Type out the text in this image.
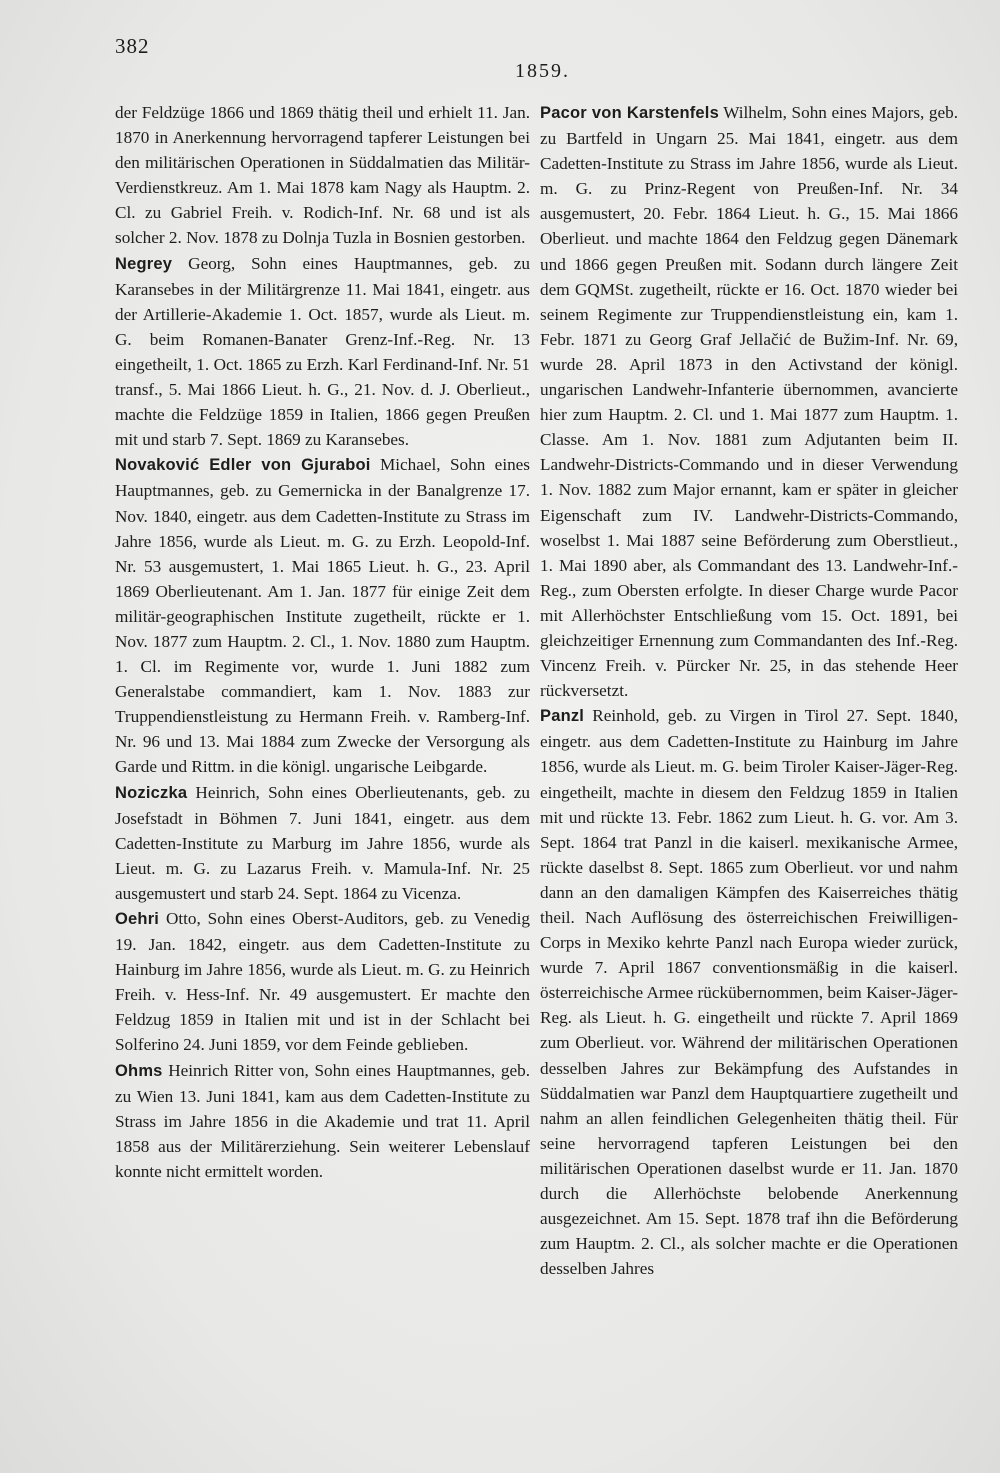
382

1859.

der Feldzüge 1866 und 1869 thätig theil und erhielt 11. Jan. 1870 in Anerkennung hervorragend tapferer Leistungen bei den militärischen Operationen in Süddalmatien das Militär-Verdienstkreuz. Am 1. Mai 1878 kam Nagy als Hauptm. 2. Cl. zu Gabriel Freih. v. Rodich-Inf. Nr. 68 und ist als solcher 2. Nov. 1878 zu Dolnja Tuzla in Bosnien gestorben.

Negrey Georg, Sohn eines Hauptmannes, geb. zu Karansebes in der Militärgrenze 11. Mai 1841, eingetr. aus der Artillerie-Akademie 1. Oct. 1857, wurde als Lieut. m. G. beim Romanen-Banater Grenz-Inf.-Reg. Nr. 13 eingetheilt, 1. Oct. 1865 zu Erzh. Karl Ferdinand-Inf. Nr. 51 transf., 5. Mai 1866 Lieut. h. G., 21. Nov. d. J. Oberlieut., machte die Feldzüge 1859 in Italien, 1866 gegen Preußen mit und starb 7. Sept. 1869 zu Karansebes.

Novaković Edler von Gjuraboi Michael, Sohn eines Hauptmannes, geb. zu Gemernicka in der Banalgrenze 17. Nov. 1840, eingetr. aus dem Cadetten-Institute zu Strass im Jahre 1856, wurde als Lieut. m. G. zu Erzh. Leopold-Inf. Nr. 53 ausgemustert, 1. Mai 1865 Lieut. h. G., 23. April 1869 Oberlieutenant. Am 1. Jan. 1877 für einige Zeit dem militär-geographischen Institute zugetheilt, rückte er 1. Nov. 1877 zum Hauptm. 2. Cl., 1. Nov. 1880 zum Hauptm. 1. Cl. im Regimente vor, wurde 1. Juni 1882 zum Generalstabe commandiert, kam 1. Nov. 1883 zur Truppendienstleistung zu Hermann Freih. v. Ramberg-Inf. Nr. 96 und 13. Mai 1884 zum Zwecke der Versorgung als Garde und Rittm. in die königl. ungarische Leibgarde.

Noziczka Heinrich, Sohn eines Oberlieutenants, geb. zu Josefstadt in Böhmen 7. Juni 1841, eingetr. aus dem Cadetten-Institute zu Marburg im Jahre 1856, wurde als Lieut. m. G. zu Lazarus Freih. v. Mamula-Inf. Nr. 25 ausgemustert und starb 24. Sept. 1864 zu Vicenza.

Oehri Otto, Sohn eines Oberst-Auditors, geb. zu Venedig 19. Jan. 1842, eingetr. aus dem Cadetten-Institute zu Hainburg im Jahre 1856, wurde als Lieut. m. G. zu Heinrich Freih. v. Hess-Inf. Nr. 49 ausgemustert. Er machte den Feldzug 1859 in Italien mit und ist in der Schlacht bei Solferino 24. Juni 1859, vor dem Feinde geblieben.

Ohms Heinrich Ritter von, Sohn eines Hauptmannes, geb. zu Wien 13. Juni 1841, kam aus dem Cadetten-Institute zu Strass im Jahre 1856 in die Akademie und trat 11. April 1858 aus der Militärerziehung. Sein weiterer Lebenslauf konnte nicht ermittelt worden.

Pacor von Karstenfels Wilhelm, Sohn eines Majors, geb. zu Bartfeld in Ungarn 25. Mai 1841, eingetr. aus dem Cadetten-Institute zu Strass im Jahre 1856, wurde als Lieut. m. G. zu Prinz-Regent von Preußen-Inf. Nr. 34 ausgemustert, 20. Febr. 1864 Lieut. h. G., 15. Mai 1866 Oberlieut. und machte 1864 den Feldzug gegen Dänemark und 1866 gegen Preußen mit. Sodann durch längere Zeit dem GQMSt. zugetheilt, rückte er 16. Oct. 1870 wieder bei seinem Regimente zur Truppendienstleistung ein, kam 1. Febr. 1871 zu Georg Graf Jellačić de Bužim-Inf. Nr. 69, wurde 28. April 1873 in den Activstand der königl. ungarischen Landwehr-Infanterie übernommen, avancierte hier zum Hauptm. 2. Cl. und 1. Mai 1877 zum Hauptm. 1. Classe. Am 1. Nov. 1881 zum Adjutanten beim II. Landwehr-Districts-Commando und in dieser Verwendung 1. Nov. 1882 zum Major ernannt, kam er später in gleicher Eigenschaft zum IV. Landwehr-Districts-Commando, woselbst 1. Mai 1887 seine Beförderung zum Oberstlieut., 1. Mai 1890 aber, als Commandant des 13. Landwehr-Inf.-Reg., zum Obersten erfolgte. In dieser Charge wurde Pacor mit Allerhöchster Entschließung vom 15. Oct. 1891, bei gleichzeitiger Ernennung zum Commandanten des Inf.-Reg. Vincenz Freih. v. Pürcker Nr. 25, in das stehende Heer rückversetzt.

Panzl Reinhold, geb. zu Virgen in Tirol 27. Sept. 1840, eingetr. aus dem Cadetten-Institute zu Hainburg im Jahre 1856, wurde als Lieut. m. G. beim Tiroler Kaiser-Jäger-Reg. eingetheilt, machte in diesem den Feldzug 1859 in Italien mit und rückte 13. Febr. 1862 zum Lieut. h. G. vor. Am 3. Sept. 1864 trat Panzl in die kaiserl. mexikanische Armee, rückte daselbst 8. Sept. 1865 zum Oberlieut. vor und nahm dann an den damaligen Kämpfen des Kaiserreiches thätig theil. Nach Auflösung des österreichischen Freiwilligen-Corps in Mexiko kehrte Panzl nach Europa wieder zurück, wurde 7. April 1867 conventionsmäßig in die kaiserl. österreichische Armee rückübernommen, beim Kaiser-Jäger-Reg. als Lieut. h. G. eingetheilt und rückte 7. April 1869 zum Oberlieut. vor. Während der militärischen Operationen desselben Jahres zur Bekämpfung des Aufstandes in Süddalmatien war Panzl dem Hauptquartiere zugetheilt und nahm an allen feindlichen Gelegenheiten thätig theil. Für seine hervorragend tapferen Leistungen bei den militärischen Operationen daselbst wurde er 11. Jan. 1870 durch die Allerhöchste belobende Anerkennung ausgezeichnet. Am 15. Sept. 1878 traf ihn die Beförderung zum Hauptm. 2. Cl., als solcher machte er die Operationen desselben Jahres
